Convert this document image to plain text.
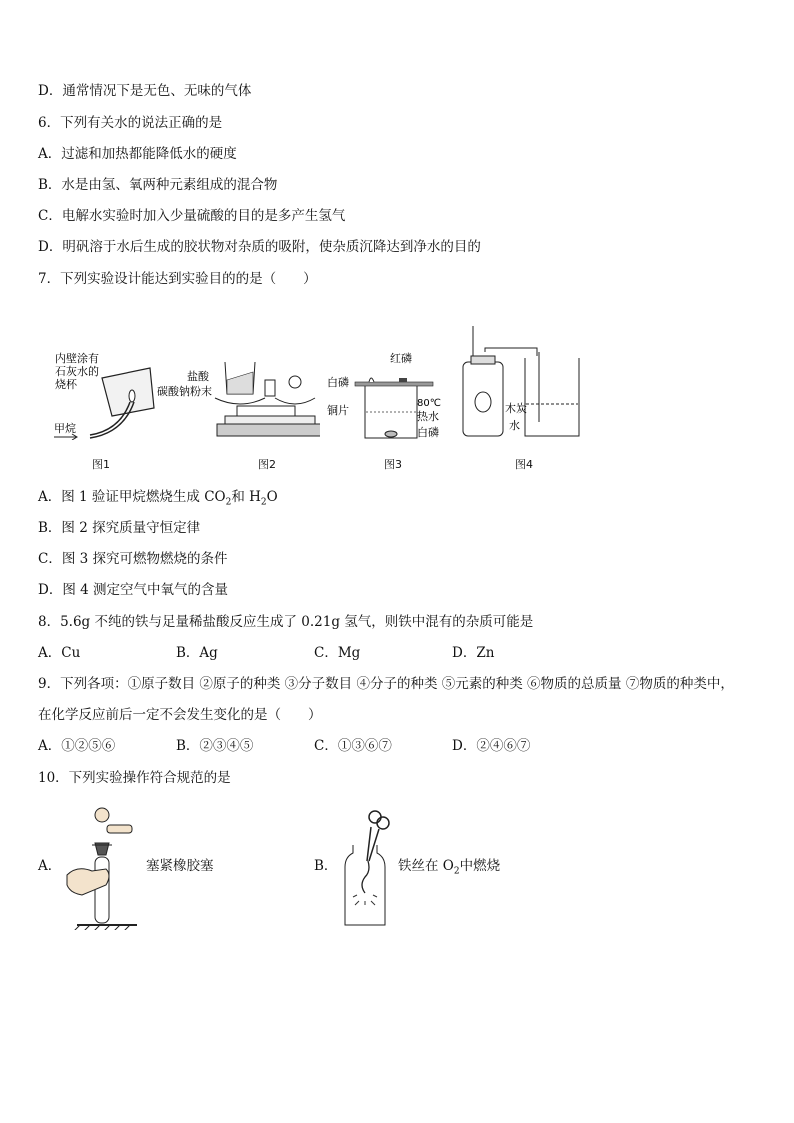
D．通常情况下是无色、无味的气体
6．下列有关水的说法正确的是
A．过滤和加热都能降低水的硬度
B．水是由氢、氧两种元素组成的混合物
C．电解水实验时加入少量硫酸的目的是多产生氢气
D．明矾溶于水后生成的胶状物对杂质的吸附，使杂质沉降达到净水的目的
7．下列实验设计能达到实验目的的是（　　）
内壁涂有
石灰水的
烧杯
甲烷
图1
盐酸
碳酸钠粉末
图2
红磷
白磷
铜片
80℃
热水
白磷
图3
木炭
水
图4
A．图 1 验证甲烷燃烧生成 $CO_2$和 $H_2O$
B．图 2 探究质量守恒定律
C．图 3 探究可燃物燃烧的条件
D．图 4 测定空气中氧气的含量
8．5.6g 不纯的铁与足量稀盐酸反应生成了 0.21g 氢气，则铁中混有的杂质可能是
A．Cu	B．Ag	C．Mg	D．Zn
9．下列各项：①原子数目 ②原子的种类 ③分子数目 ④分子的种类 ⑤元素的种类 ⑥物质的总质量 ⑦物质的种类中，
在化学反应前后一定不会发生变化的是（　　）
A．①②⑤⑥	B．②③④⑤	C．①③⑥⑦	D．②④⑥⑦
10．下列实验操作符合规范的是
A．	塞紧橡胶塞	B．	铁丝在 $O_2$中燃烧
